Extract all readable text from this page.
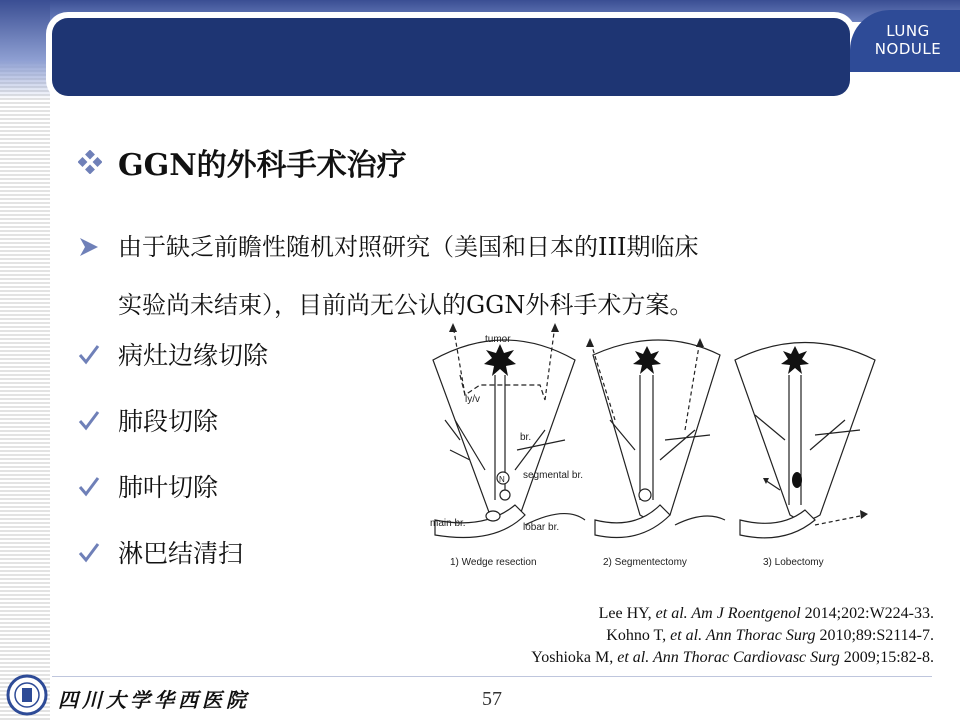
LUNG
NODULE
GGN的外科手术治疗
由于缺乏前瞻性随机对照研究（美国和日本的III期临床
实验尚未结束），目前尚无公认的GGN外科手术方案。
病灶边缘切除
肺段切除
肺叶切除
淋巴结清扫
tumor
ly/v
br.
N segmental br.
main br.	lobar br.
1) Wedge resection	2) Segmentectomy	3) Lobectomy
Lee HY, et al. Am J Roentgenol 2014;202:W224-33.
Kohno T, et al. Ann Thorac Surg 2010;89:S2114-7.
Yoshioka M, et al. Ann Thorac Cardiovasc Surg 2009;15:82-8.
四川大学华西医院	57
